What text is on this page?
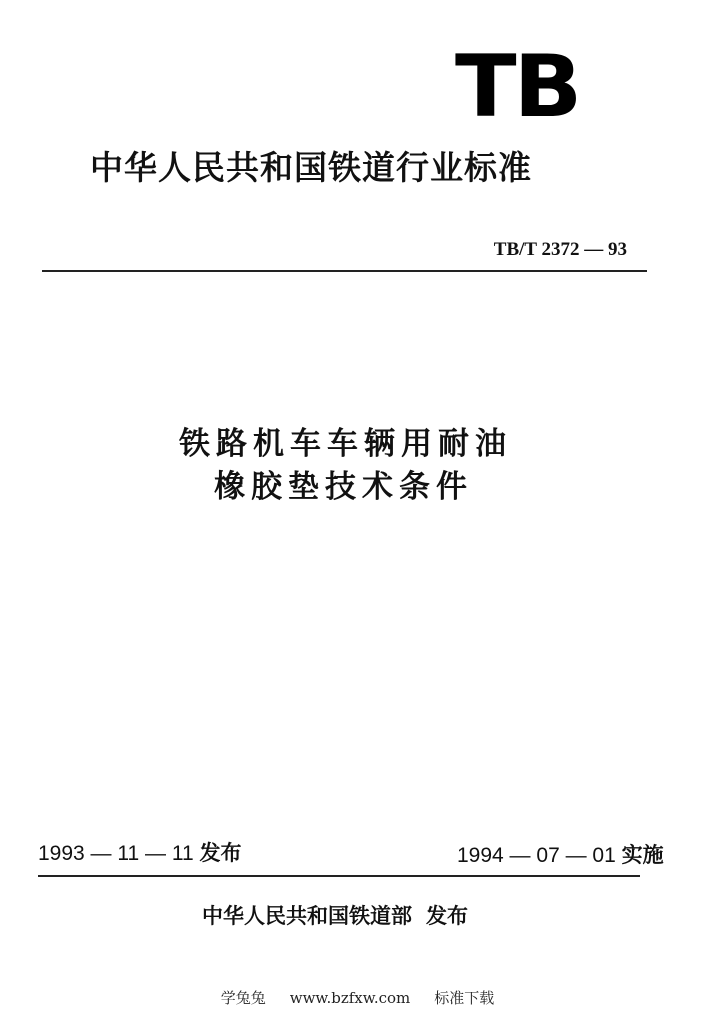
TB
中华人民共和国铁道行业标准
TB/T 2372 — 93
铁路机车车辆用耐油
橡胶垫技术条件
1993 — 11 — 11 发布	1994 — 07 — 01 实施
中华人民共和国铁道部 发布
学兔兔 www.bzfxw.com 标准下载
